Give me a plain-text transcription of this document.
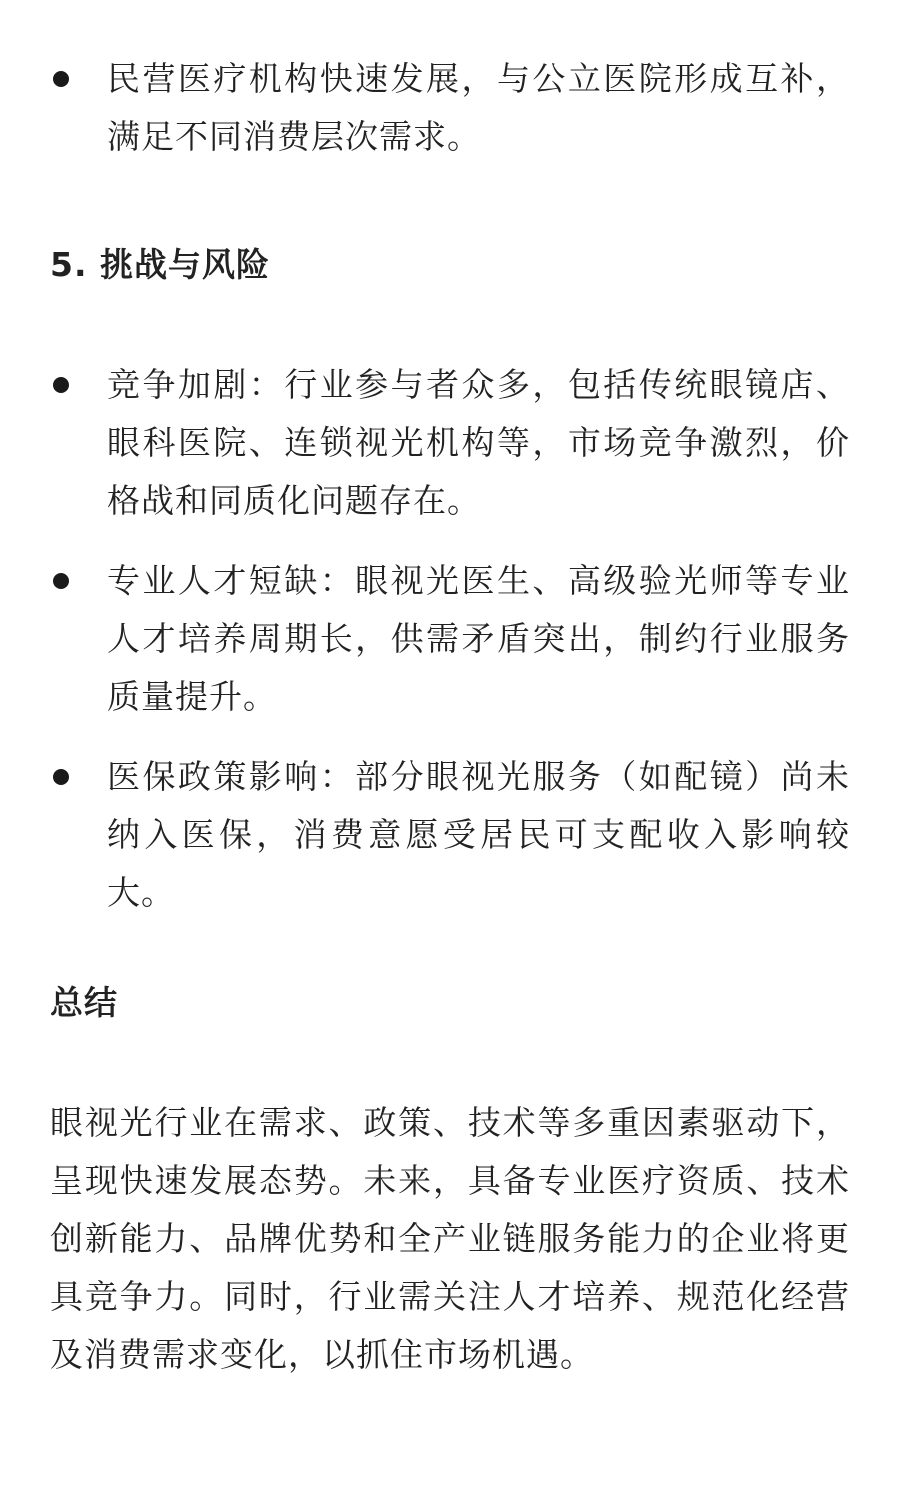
民营医疗机构快速发展，与公立医院形成互补，满足不同消费层次需求。
5. 挑战与风险
竞争加剧：行业参与者众多，包括传统眼镜店、眼科医院、连锁视光机构等，市场竞争激烈，价格战和同质化问题存在。
专业人才短缺：眼视光医生、高级验光师等专业人才培养周期长，供需矛盾突出，制约行业服务质量提升。
医保政策影响：部分眼视光服务（如配镜）尚未纳入医保，消费意愿受居民可支配收入影响较大。
总结

眼视光行业在需求、政策、技术等多重因素驱动下，呈现快速发展态势。未来，具备专业医疗资质、技术创新能力、品牌优势和全产业链服务能力的企业将更具竞争力。同时，行业需关注人才培养、规范化经营及消费需求变化，以抓住市场机遇。
